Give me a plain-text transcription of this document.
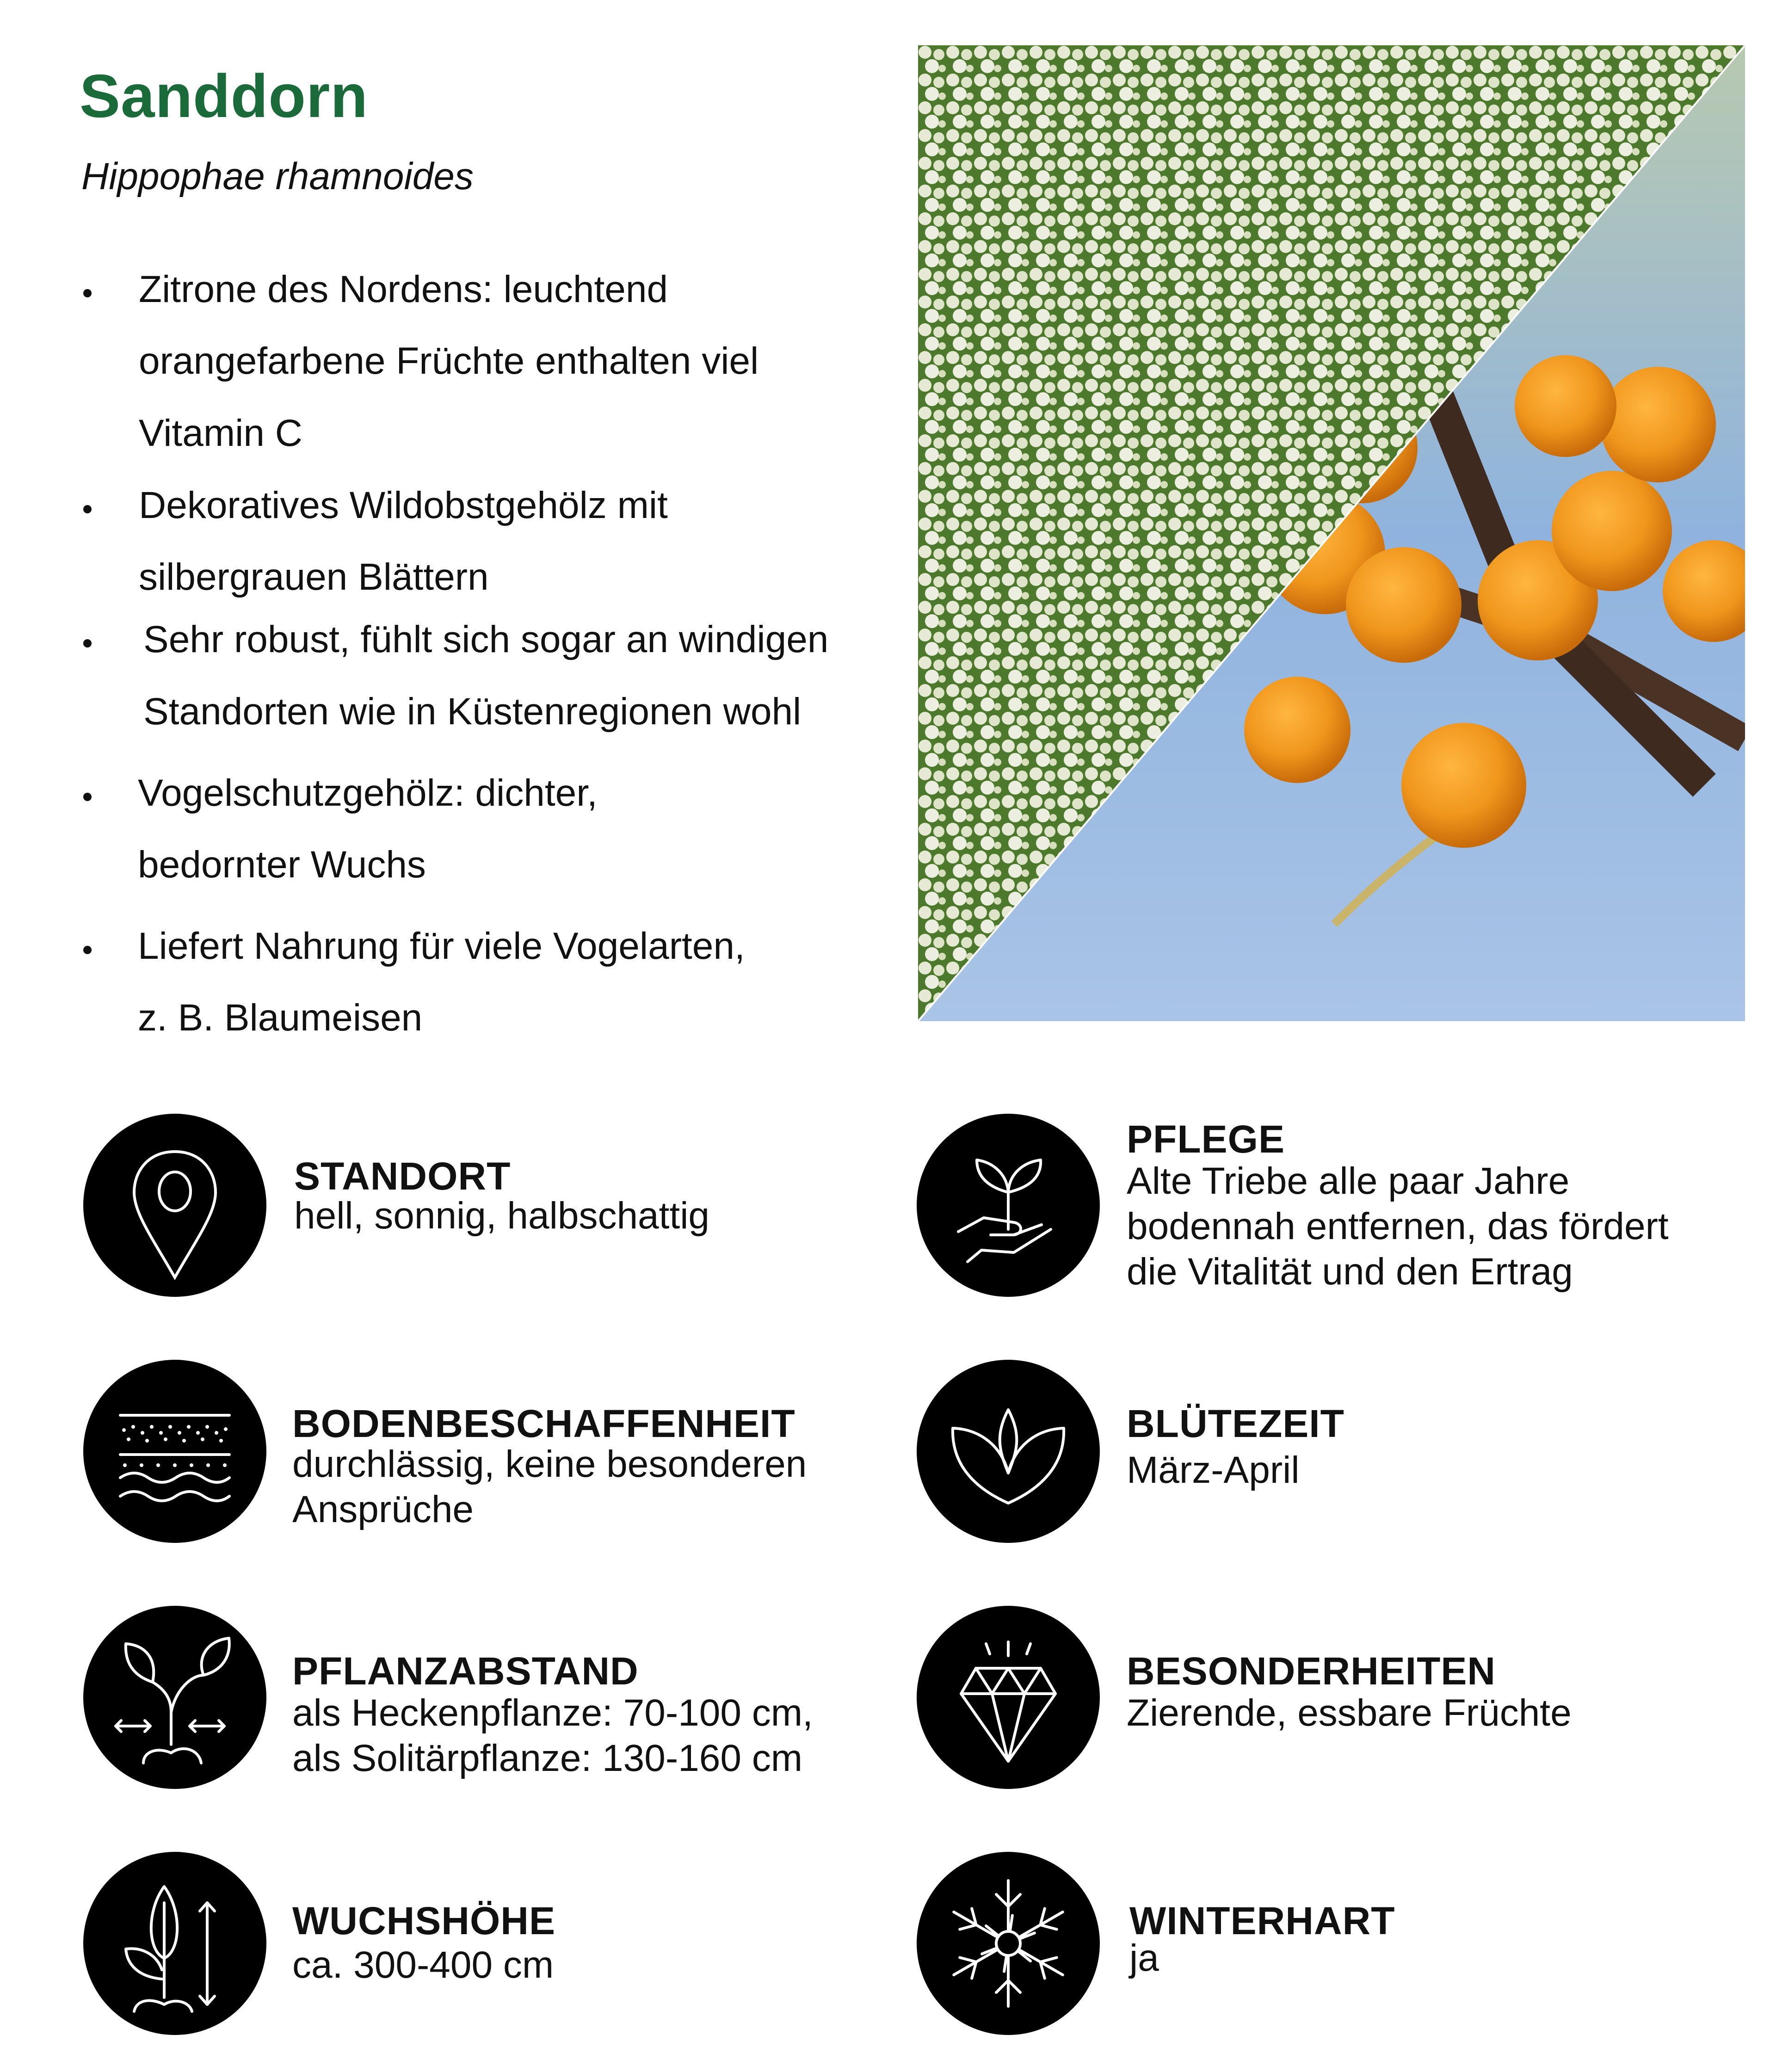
Sanddorn
Hippophae rhamnoides
Zitrone des Nordens: leuchtend
orangefarbene Früchte enthalten viel
Vitamin C
Dekoratives Wildobstgehölz mit
silbergrauen Blättern
Sehr robust, fühlt sich sogar an windigen
Standorten wie in Küstenregionen wohl
Vogelschutzgehölz: dichter,
bedornter Wuchs
Liefert Nahrung für viele Vogelarten,
z. B. Blaumeisen
STANDORT
hell, sonnig, halbschattig
PFLEGE
Alte Triebe alle paar Jahre
bodennah entfernen, das fördert
die Vitalität und den Ertrag
BODENBESCHAFFENHEIT
durchlässig, keine besonderen
Ansprüche
BLÜTEZEIT
März-April
PFLANZABSTAND
als Heckenpflanze: 70-100 cm,
als Solitärpflanze: 130-160 cm
BESONDERHEITEN
Zierende, essbare Früchte
WUCHSHÖHE
ca. 300-400 cm
WINTERHART
ja
